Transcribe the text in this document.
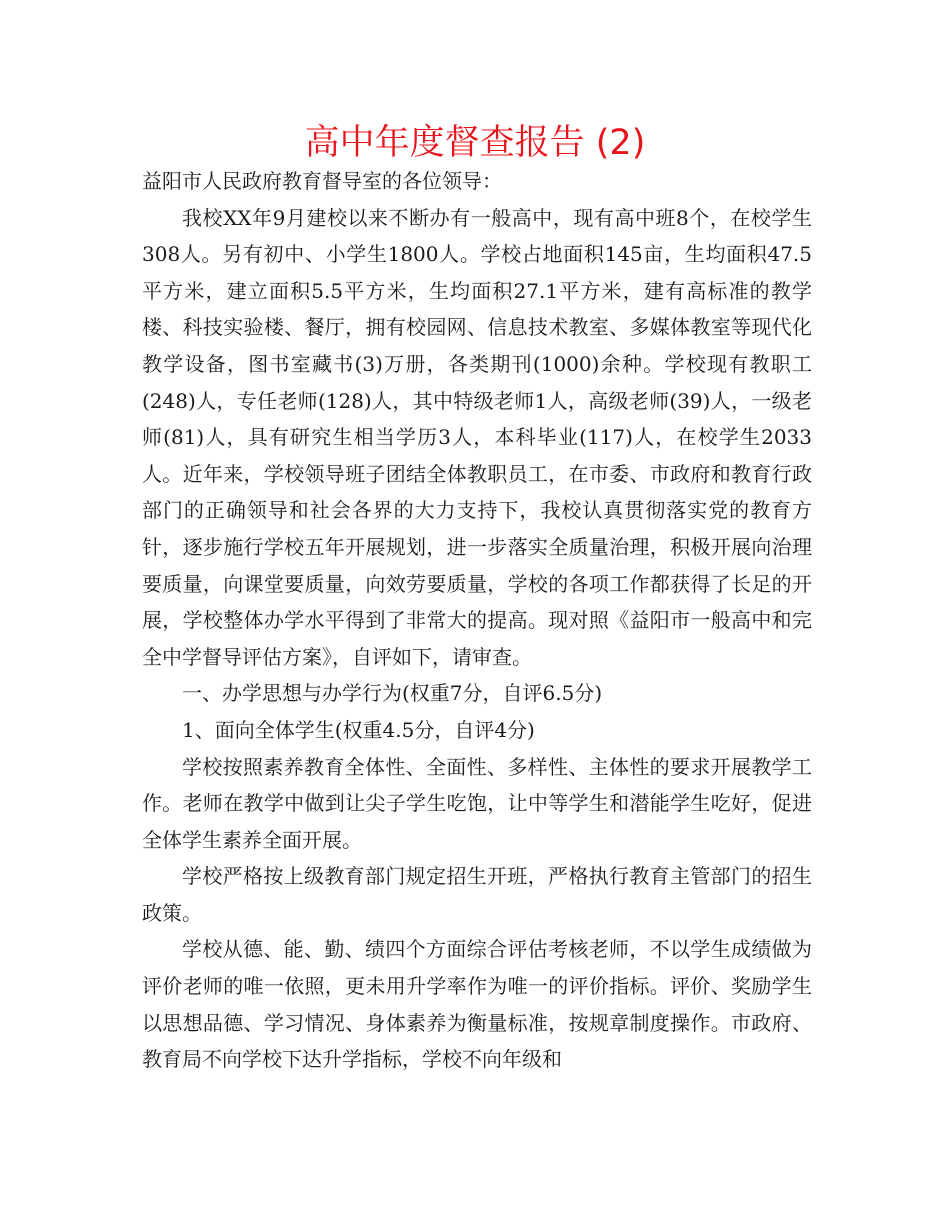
高中年度督查报告 (2)

益阳市人民政府教育督导室的各位领导：

我校XX年9月建校以来不断办有一般高中，现有高中班8个，在校学生308人。另有初中、小学生1800人。学校占地面积145亩，生均面积47.5平方米，建立面积5.5平方米，生均面积27.1平方米，建有高标准的教学楼、科技实验楼、餐厅，拥有校园网、信息技术教室、多媒体教室等现代化教学设备，图书室藏书(3)万册，各类期刊(1000)余种。学校现有教职工(248)人，专任老师(128)人，其中特级老师1人，高级老师(39)人，一级老师(81)人，具有研究生相当学历3人，本科毕业(117)人，在校学生2033人。近年来，学校领导班子团结全体教职员工，在市委、市政府和教育行政部门的正确领导和社会各界的大力支持下，我校认真贯彻落实党的教育方针，逐步施行学校五年开展规划，进一步落实全质量治理，积极开展向治理要质量，向课堂要质量，向效劳要质量，学校的各项工作都获得了长足的开展，学校整体办学水平得到了非常大的提高。现对照《益阳市一般高中和完全中学督导评估方案》，自评如下，请审查。

一、办学思想与办学行为(权重7分，自评6.5分)

1、面向全体学生(权重4.5分，自评4分)

学校按照素养教育全体性、全面性、多样性、主体性的要求开展教学工作。老师在教学中做到让尖子学生吃饱，让中等学生和潜能学生吃好，促进全体学生素养全面开展。

学校严格按上级教育部门规定招生开班，严格执行教育主管部门的招生政策。

学校从德、能、勤、绩四个方面综合评估考核老师，不以学生成绩做为评价老师的唯一依照，更未用升学率作为唯一的评价指标。评价、奖励学生以思想品德、学习情况、身体素养为衡量标准，按规章制度操作。市政府、教育局不向学校下达升学指标，学校不向年级和
